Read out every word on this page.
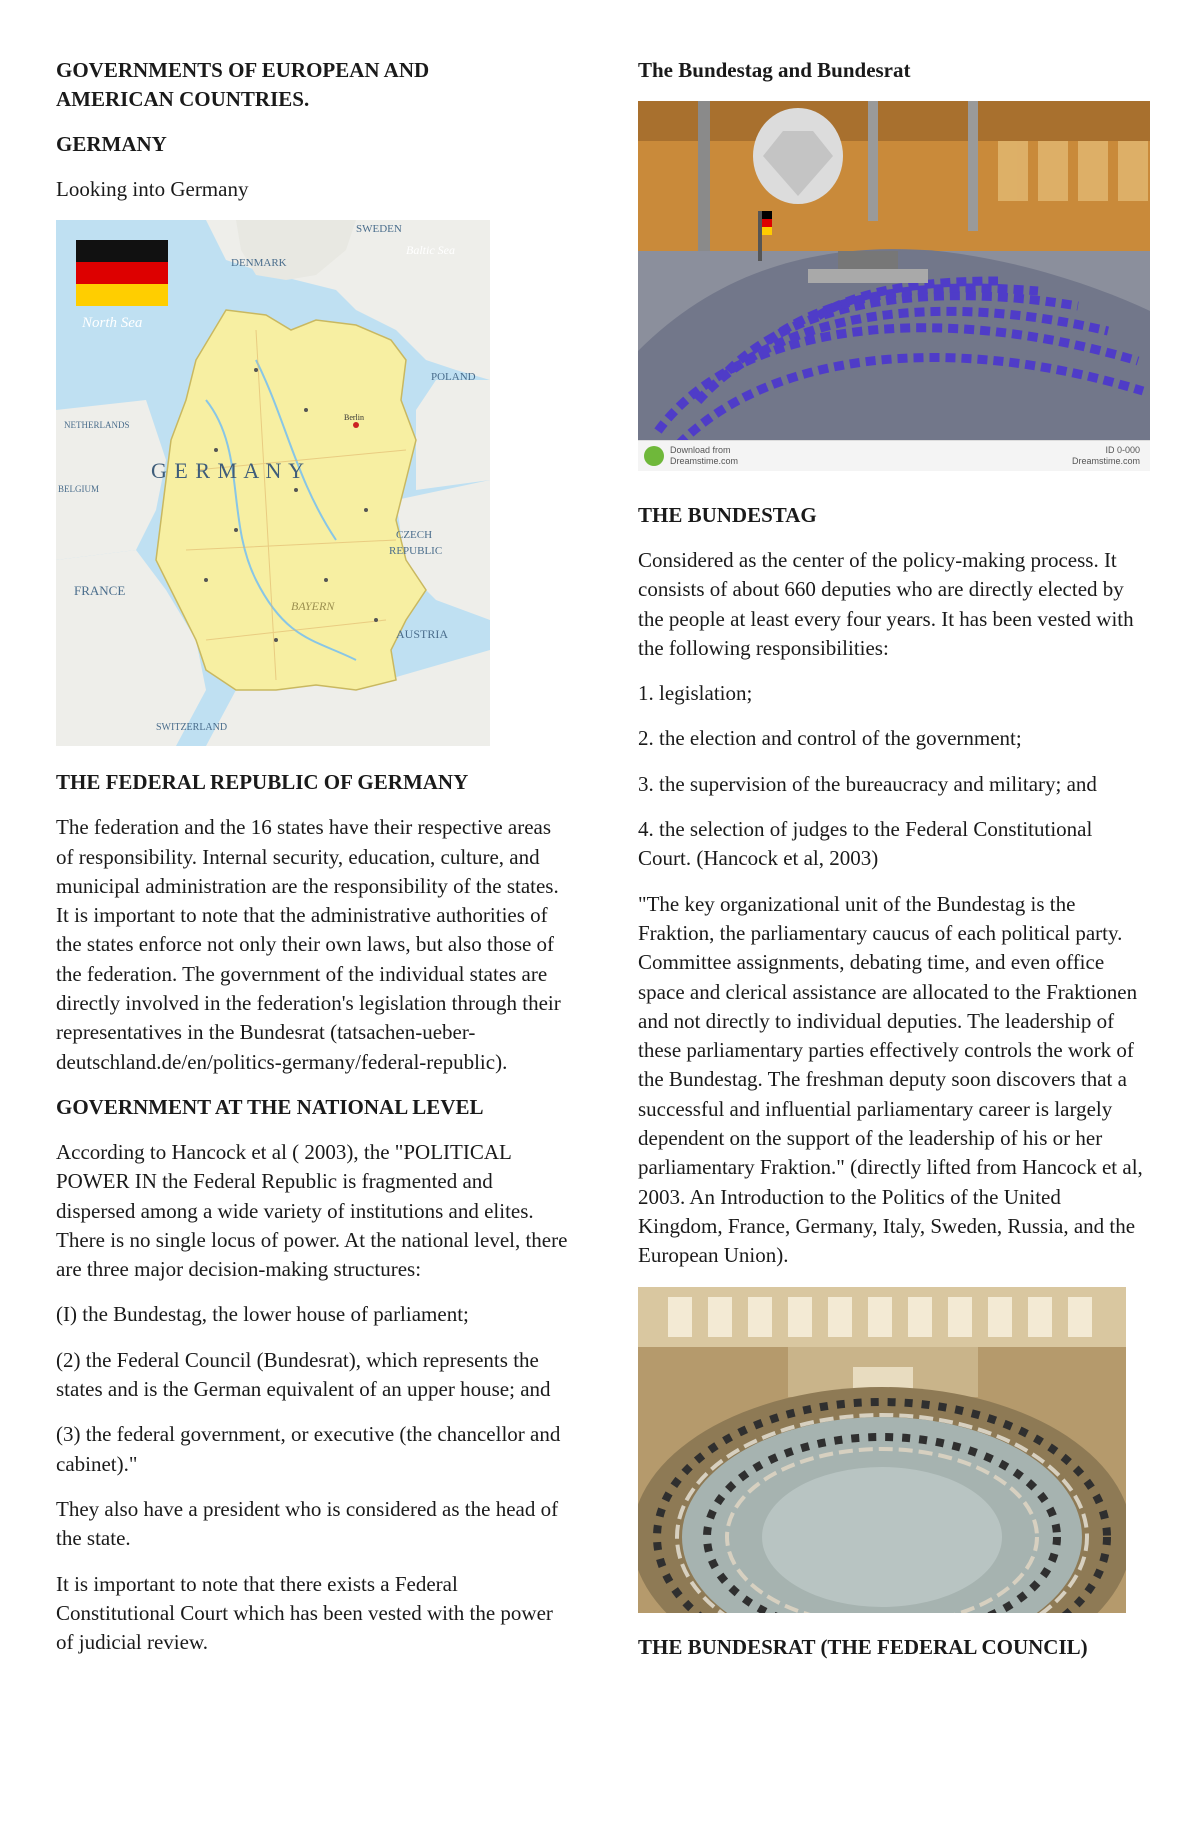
GOVERNMENTS OF EUROPEAN AND
AMERICAN COUNTRIES.
GERMANY

Looking into Germany

SWEDEN
DENMARK
Baltic Sea
North Sea
POLAND
NETHERLANDS
BELGIUM
CZECH
REPUBLIC
FRANCE
AUSTRIA
SWITZERLAND
BAYERN
Berlin
G E R M A N Y
THE FEDERAL REPUBLIC OF GERMANY

The federation and the 16 states have their respective areas of responsibility. Internal security, education, culture, and municipal administration are the responsibility of the states. It is important to note that the administrative authorities of the states enforce not only their own laws, but also those of the federation. The government of the individual states are directly involved in the federation's legislation through their representatives in the Bundesrat (tatsachen-ueber-deutschland.de/en/politics-germany/federal-republic).

GOVERNMENT AT THE NATIONAL LEVEL

According to Hancock et al ( 2003), the "POLITICAL POWER IN the Federal Republic is fragmented and dispersed among a wide variety of institutions and elites. There is no single locus of power. At the national level, there are three major decision-making structures:

(I) the Bundestag, the lower house of parliament;

(2) the Federal Council (Bundesrat), which represents the states and is the German equivalent of an upper house; and

(3) the federal government, or executive (the chancellor and cabinet)."

They also have a president who is considered as the head of the state.

It is important to note that there exists a Federal Constitutional Court which has been vested with the power of judicial review.

The Bundestag and Bundesrat
Download from
Dreamstime.com
ID 0-000
Dreamstime.com
THE BUNDESTAG

Considered as the center of the policy-making process. It consists of about 660 deputies who are directly elected by the people at least every four years. It has been vested with the following responsibilities:

1. legislation;

2. the election and control of the government;

3. the supervision of the bureaucracy and military; and

4. the selection of judges to the Federal Constitutional Court. (Hancock et al, 2003)

"The key organizational unit of the Bundestag is the Fraktion, the parliamentary caucus of each political party. Committee assignments, debating time, and even office space and clerical assistance are allocated to the Fraktionen and not directly to individual deputies. The leadership of these parliamentary parties effectively controls the work of the Bundestag. The freshman deputy soon discovers that a successful and influential parliamentary career is largely dependent on the support of the leadership of his or her parliamentary Fraktion." (directly lifted from Hancock et al, 2003. An Introduction to the Politics of the United Kingdom, France, Germany, Italy, Sweden, Russia, and the European Union).

THE BUNDESRAT (THE FEDERAL COUNCIL)
